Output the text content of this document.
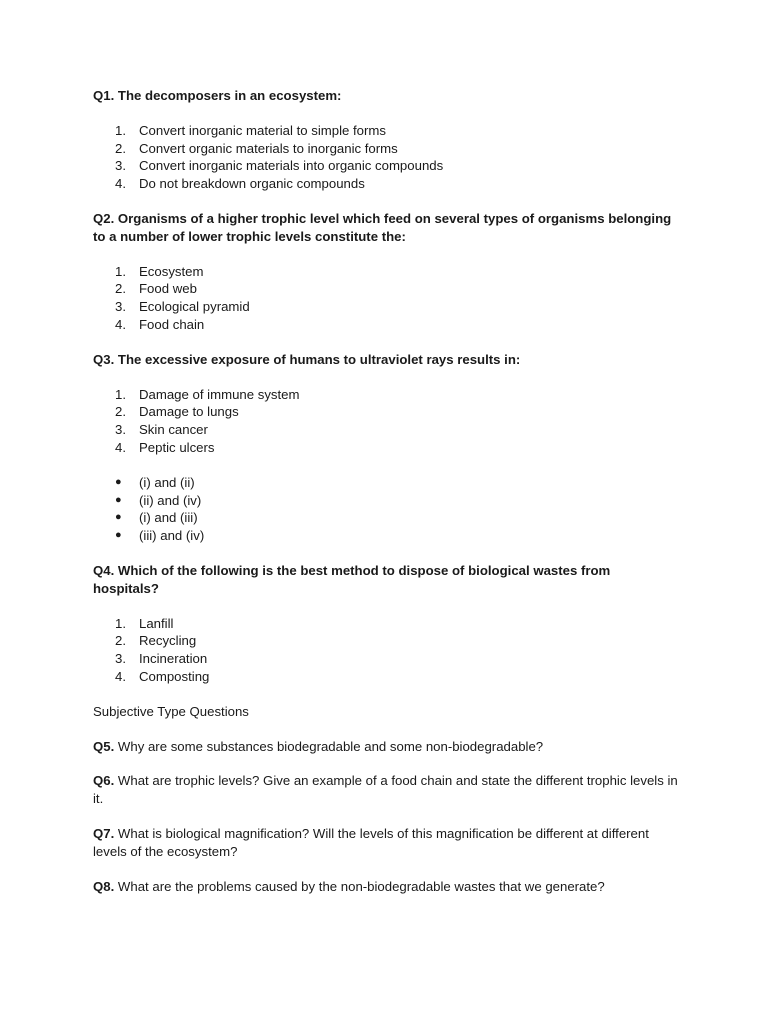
Q1. The decomposers in an ecosystem:

1. Convert inorganic material to simple forms
2. Convert organic materials to inorganic forms
3. Convert inorganic materials into organic compounds
4. Do not breakdown organic compounds

Q2. Organisms of a higher trophic level which feed on several types of organisms belonging to a number of lower trophic levels constitute the:

1. Ecosystem
2. Food web
3. Ecological pyramid
4. Food chain

Q3. The excessive exposure of humans to ultraviolet rays results in:

1. Damage of immune system
2. Damage to lungs
3. Skin cancer
4. Peptic ulcers
● (i) and (ii)
● (ii) and (iv)
● (i) and (iii)
● (iii) and (iv)

Q4. Which of the following is the best method to dispose of biological wastes from hospitals?

1. Lanfill
2. Recycling
3. Incineration
4. Composting

Subjective Type Questions

Q5. Why are some substances biodegradable and some non-biodegradable?

Q6. What are trophic levels? Give an example of a food chain and state the different trophic levels in it.

Q7. What is biological magnification? Will the levels of this magnification be different at different levels of the ecosystem?

Q8. What are the problems caused by the non-biodegradable wastes that we generate?
